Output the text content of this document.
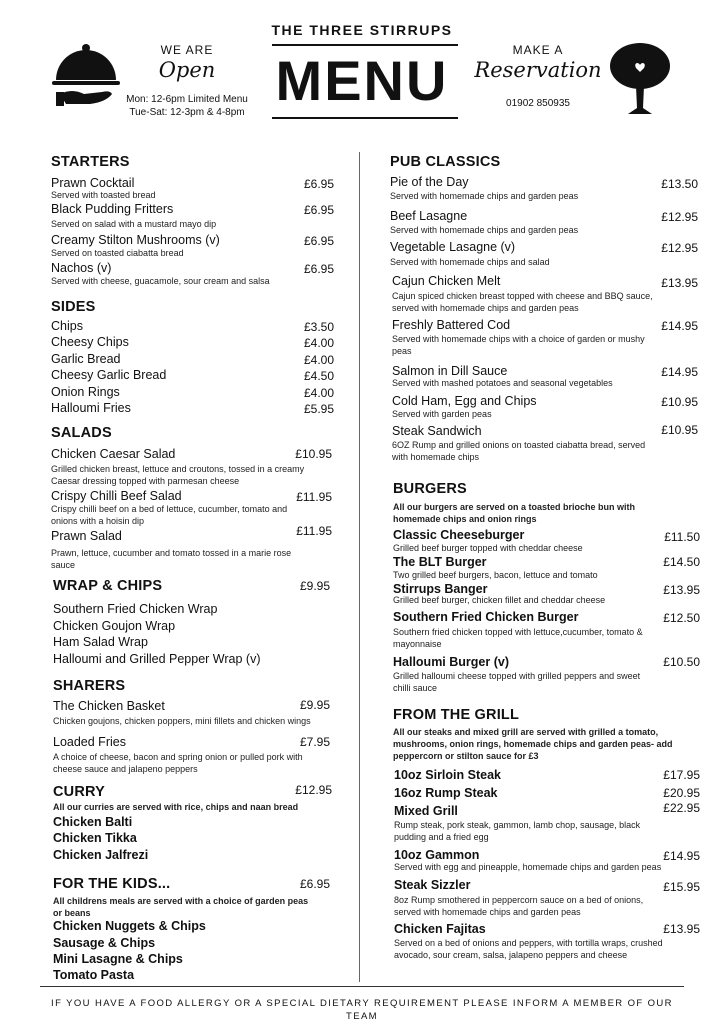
WE ARE
Open
Mon: 12-6pm Limited Menu
Tue-Sat: 12-3pm & 4-8pm
THE THREE STIRRUPS
MENU	MAKE A
Reservation
01902 850935
STARTERS
Prawn Cocktail	£6.95
Served with toasted bread
Black Pudding Fritters	£6.95
Served on salad with a mustard mayo dip
Creamy Stilton Mushrooms (v)	£6.95
Served on toasted ciabatta bread
Nachos (v)	£6.95
Served with cheese, guacamole, sour cream and salsa
SIDES
Chips	£3.50
Cheesy Chips	£4.00
Garlic Bread	£4.00
Cheesy Garlic Bread	£4.50
Onion Rings	£4.00
Halloumi Fries	£5.95
SALADS
Chicken Caesar Salad	£10.95
Grilled chicken breast, lettuce and croutons, tossed in a creamy
Caesar dressing topped with parmesan cheese
Crispy Chilli Beef Salad	£11.95
Crispy chilli beef on a bed of lettuce, cucumber, tomato and
onions with a hoisin dip
Prawn Salad	£11.95
Prawn, lettuce, cucumber and tomato tossed in a marie rose
sauce
WRAP & CHIPS	£9.95
Southern Fried Chicken Wrap
Chicken Goujon Wrap
Ham Salad Wrap
Halloumi and Grilled Pepper Wrap (v)
SHARERS
The Chicken Basket	£9.95
Chicken goujons, chicken poppers, mini fillets and chicken wings
Loaded Fries	£7.95
A choice of cheese, bacon and spring onion or pulled pork with
cheese sauce and jalapeno peppers
CURRY	£12.95
All our curries are served with rice, chips and naan bread
Chicken Balti
Chicken Tikka
Chicken Jalfrezi
FOR THE KIDS...	£6.95
All childrens meals are served with a choice of garden peas
or beans
Chicken Nuggets & Chips
Sausage & Chips
Mini Lasagne & Chips
Tomato Pasta
PUB CLASSICS
Pie of the Day	£13.50
Served with homemade chips and garden peas
Beef Lasagne	£12.95
Served with homemade chips and garden peas
Vegetable Lasagne (v)	£12.95
Served with homemade chips and salad
Cajun Chicken Melt	£13.95
Cajun spiced chicken breast topped with cheese and BBQ sauce,
served with homemade chips and garden peas
Freshly Battered Cod	£14.95
Served with homemade chips with a choice of garden or mushy
peas
Salmon in Dill Sauce	£14.95
Served with mashed potatoes and seasonal vegetables
Cold Ham, Egg and Chips	£10.95
Served with garden peas
Steak Sandwich	£10.95
6OZ Rump and grilled onions on toasted ciabatta bread, served
with homemade chips
BURGERS
All our burgers are served on a toasted brioche bun with
homemade chips and onion rings
Classic Cheeseburger	£11.50
Grilled beef burger topped with cheddar cheese
The BLT Burger	£14.50
Two grilled beef burgers, bacon, lettuce and tomato
Stirrups Banger	£13.95
Grilled beef burger, chicken fillet and cheddar cheese
Southern Fried Chicken Burger	£12.50
Southern fried chicken topped with lettuce,cucumber, tomato &
mayonnaise
Halloumi Burger (v)	£10.50
Grilled halloumi cheese topped with grilled peppers and sweet
chilli sauce
FROM THE GRILL
All our steaks and mixed grill are served with grilled a tomato,
mushrooms, onion rings, homemade chips and garden peas- add
peppercorn or stilton sauce for £3
10oz Sirloin Steak	£17.95
16oz Rump Steak	£20.95
Mixed Grill	£22.95
Rump steak, pork steak, gammon, lamb chop, sausage, black
pudding and a fried egg
10oz Gammon	£14.95
Served with egg and pineapple, homemade chips and garden peas
Steak Sizzler	£15.95
8oz Rump smothered in peppercorn sauce on a bed of onions,
served with homemade chips and garden peas
Chicken Fajitas	£13.95
Served on a bed of onions and peppers, with tortilla wraps, crushed
avocado, sour cream, salsa, jalapeno peppers and cheese
IF YOU HAVE A FOOD ALLERGY OR A SPECIAL DIETARY REQUIREMENT PLEASE INFORM A MEMBER OF OUR
TEAM
